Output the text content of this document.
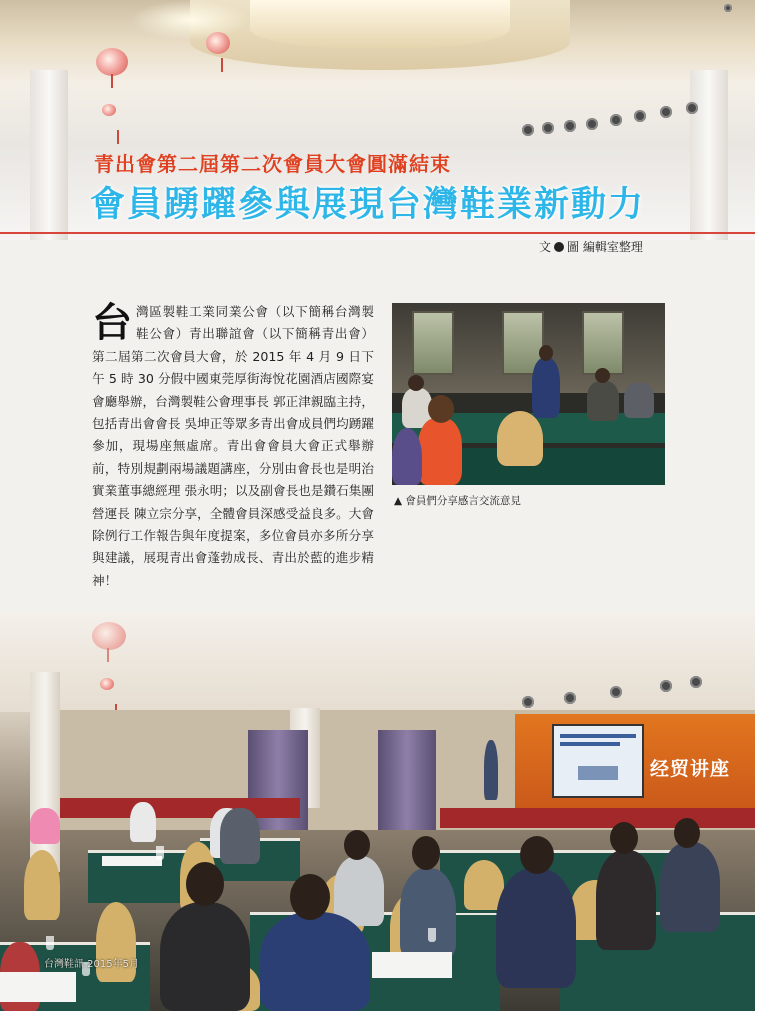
青出會第二屆第二次會員大會圓滿結束
會員踴躍參與展現台灣鞋業新動力
文 圖 編輯室整理
台灣區製鞋工業同業公會（以下簡稱台灣製鞋公會）青出聯誼會（以下簡稱青出會）第二屆第二次會員大會，於 2015 年 4 月 9 日下午 5 時 30 分假中國東莞厚街海悅花園酒店國際宴會廳舉辦，台灣製鞋公會理事長 郭正津親臨主持，包括青出會會長 吳坤正等眾多青出會成員們均踴躍參加，現場座無虛席。青出會會員大會正式舉辦前，特別規劃兩場議題講座，分別由會長也是明治實業董事總經理 張永明；以及副會長也是鑽石集團營運長 陳立宗分享，全體會員深感受益良多。大會除例行工作報告與年度提案，多位會員亦多所分享與建議，展現青出會蓬勃成長、青出於藍的進步精神！
▲ 會員們分享感言交流意見
经贸讲座
台灣鞋訊 2015年5月
